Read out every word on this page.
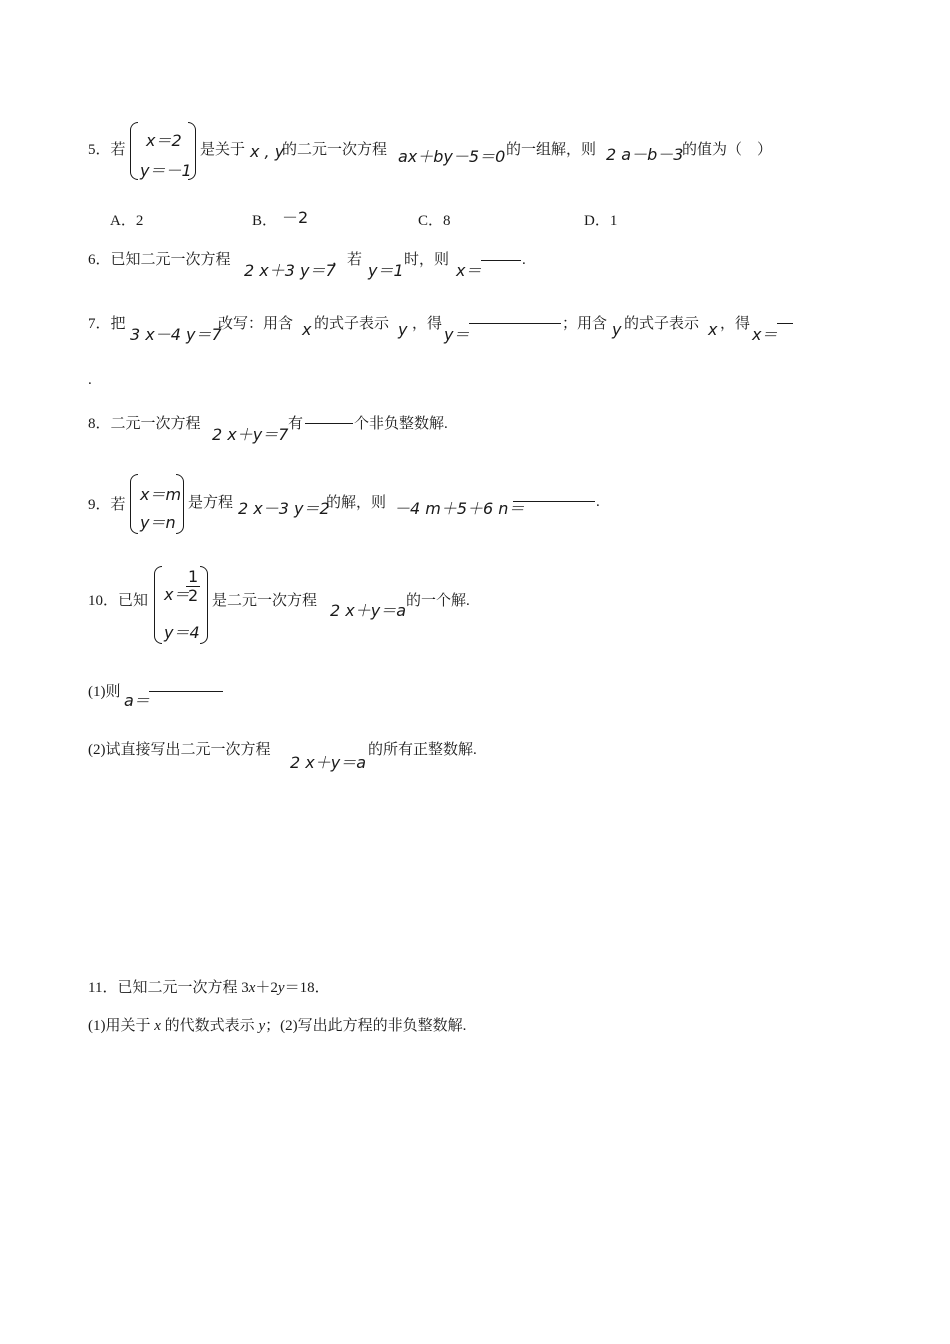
5．若 x＝2
y＝－1
是关于 x , y
的二元一次方程 ax＋by－5＝0 的一组解，则 2 a－b－3
的值为（　）
A．2	B． －2	C．8	D．1
6．已知二元一次方程
2 x＋3 y＝7
，若
y＝1
时，则
x＝
.
7．把
3 x－4 y＝7
改写：用含 x 的式子表示 y ，得
y＝
；用含 y 的式子表示 x ，得
x＝
.
8．二元一次方程
2 x＋y＝7
有	个非负整数解.
9．若
x＝m
y＝n
是方程 2 x－3 y＝2
的解，则 －4 m＋5＋6 n＝	.
10．已知 x＝
$\frac{1}{2}$
y＝4
是二元一次方程 2 x＋y＝a 的一个解.
(1)则 a＝
(2)试直接写出二元一次方程
2 x＋y＝a
的所有正整数解.
11．已知二元一次方程 3x＋2y＝18．
(1)用关于 x 的代数式表示 y；(2)写出此方程的非负整数解.
